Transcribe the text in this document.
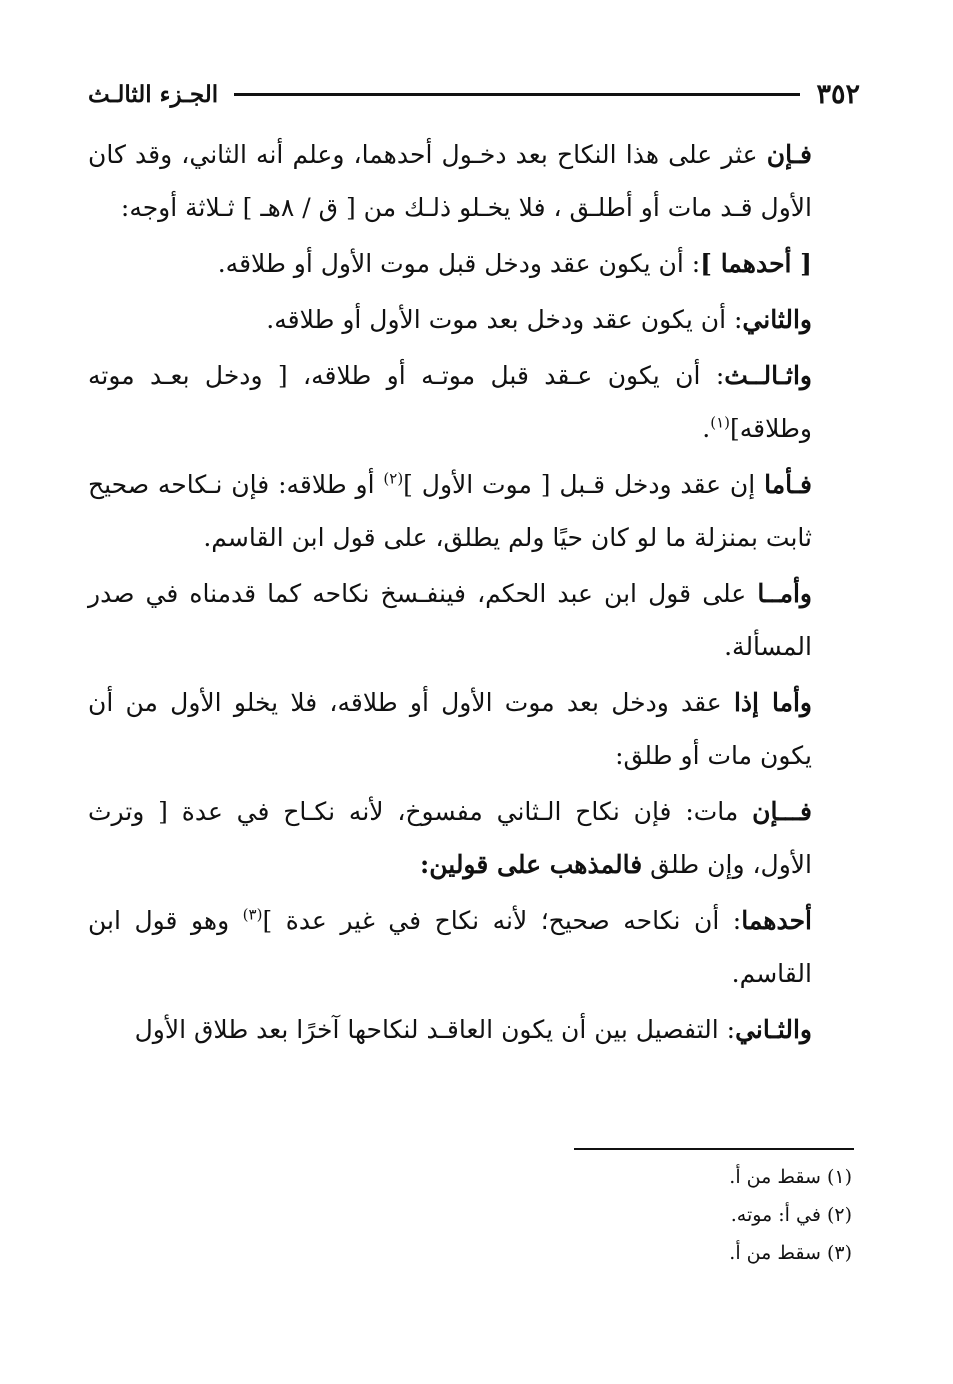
٣٥٢
الجـزء الثالـث

فـإن عثر على هذا النكاح بعد دخـول أحدهما، وعلم أنه الثاني، وقد كان الأول قـد مات أو أطلـق ، فلا يخـلو ذلـك من [ ق / ٨هـ ] ثـلاثة أوجه:

[ أحدهما ]: أن يكون عقد ودخل قبل موت الأول أو طلاقه.

والثاني: أن يكون عقد ودخل بعد موت الأول أو طلاقه.

واثـالــث: أن يكون عـقد قبل موتـه أو طلاقه، [ ودخل بعـد موته وطلاقه]$^{(١)}$.

فـأما إن عقد ودخل قـبل [ موت الأول ]$^{(٢)}$ أو طلاقه: فإن نـكاحه صحيح ثابت بمنزلة ما لو كان حيًا ولم يطلق، على قول ابن القاسم.

وأمــا على قول ابن عبد الحكم، فينفـسخ نكاحه كما قدمناه في صدر المسألة.

وأما إذا عقد ودخل بعد موت الأول أو طلاقه، فلا يخلو الأول من أن يكون مات أو طلق:

فـــإن مات: فإن نكاح الـثاني مفسوخ، لأنه نكـاح في عدة [ وترث الأول، وإن طلق فالمذهب على قولين:

أحدهما: أن نكاحه صحيح؛ لأنه نكاح في غير عدة ]$^{(٣)}$ وهو قول ابن القاسم.

والثـاني: التفصيل بين أن يكون العاقـد لنكاحها آخرًا بعد طلاق الأول

(١) سقط من أ.

(٢) في أ: موته.

(٣) سقط من أ.
